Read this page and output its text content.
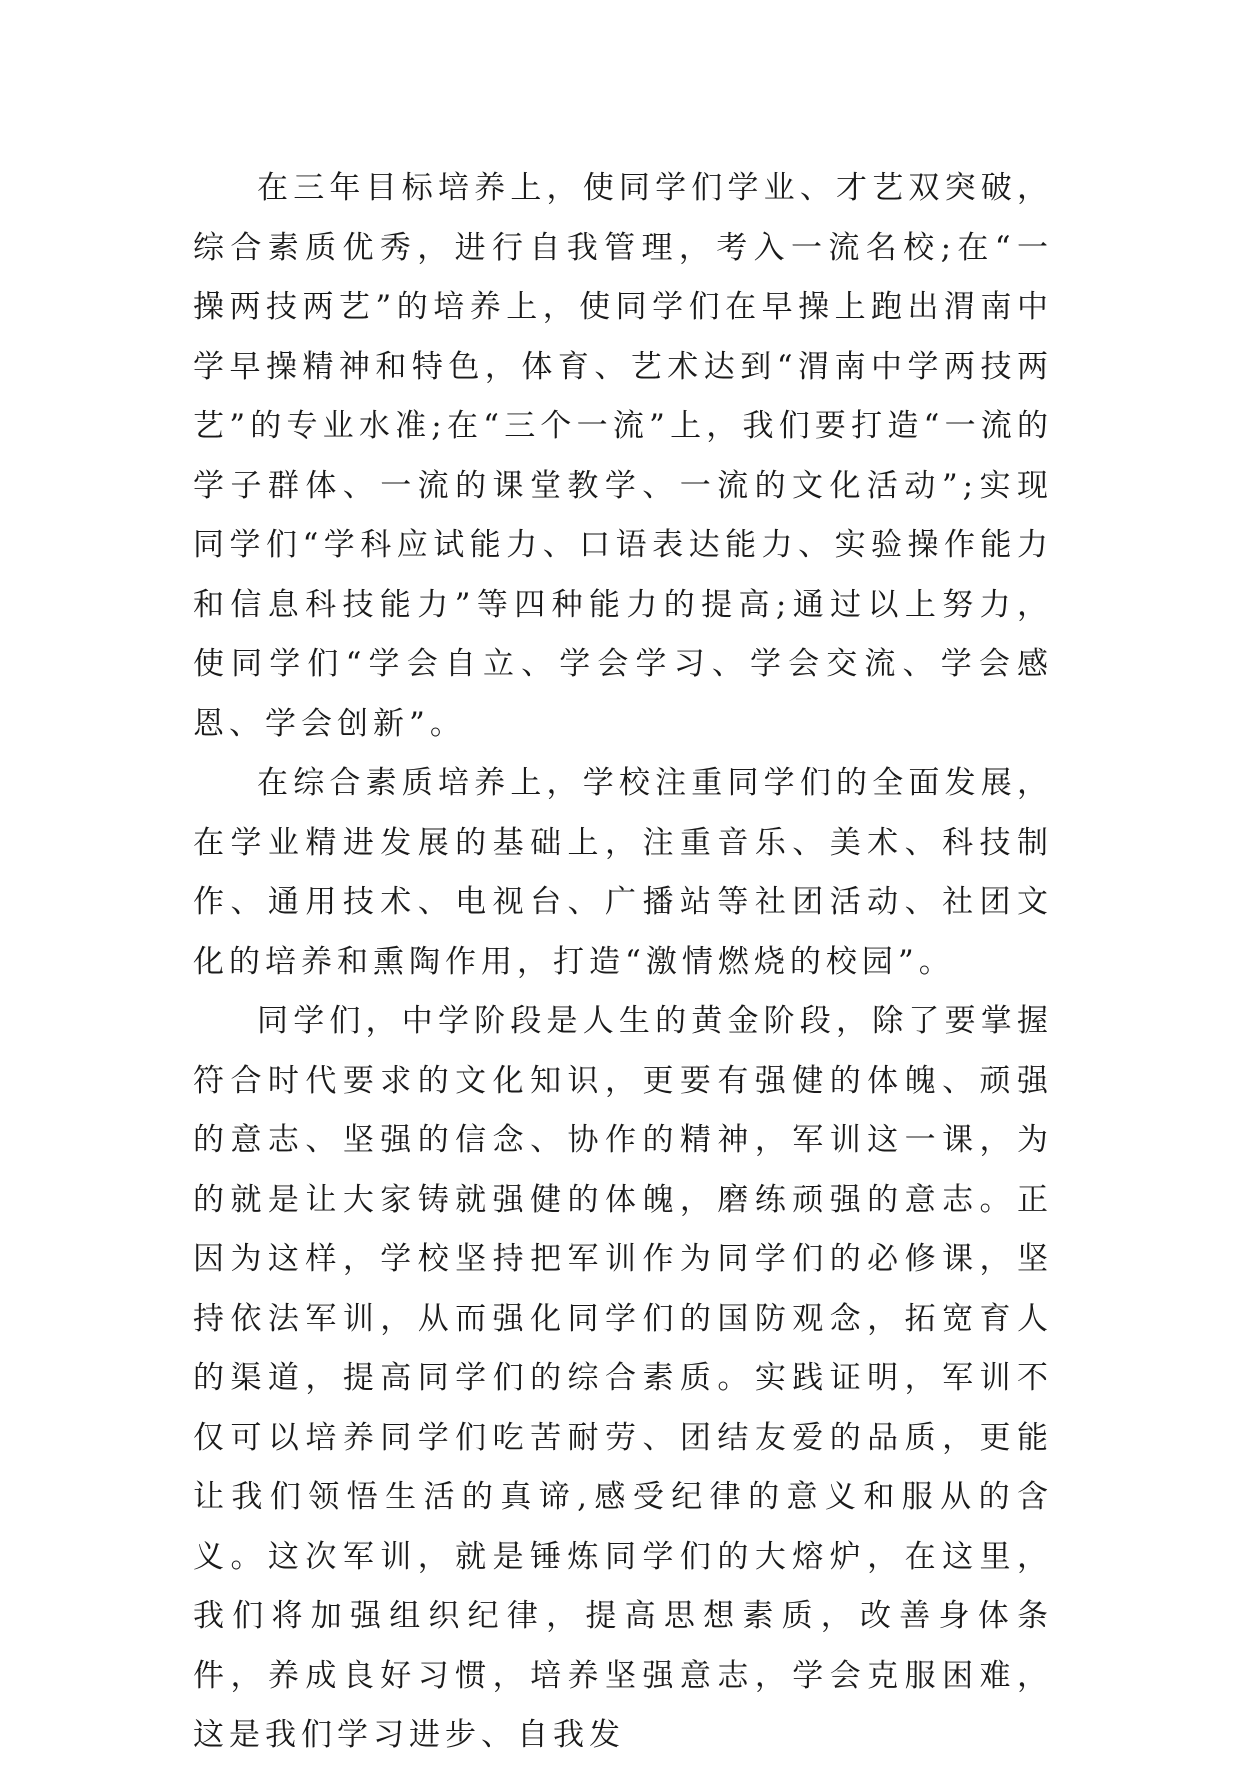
在三年目标培养上，使同学们学业、才艺双突破，综合素质优秀，进行自我管理，考入一流名校;在“一操两技两艺”的培养上，使同学们在早操上跑出渭南中学早操精神和特色，体育、艺术达到“渭南中学两技两艺”的专业水准;在“三个一流”上，我们要打造“一流的学子群体、一流的课堂教学、一流的文化活动”;实现同学们“学科应试能力、口语表达能力、实验操作能力和信息科技能力”等四种能力的提高;通过以上努力，使同学们“学会自立、学会学习、学会交流、学会感恩、学会创新”。

在综合素质培养上，学校注重同学们的全面发展，在学业精进发展的基础上，注重音乐、美术、科技制作、通用技术、电视台、广播站等社团活动、社团文化的培养和熏陶作用，打造“激情燃烧的校园”。

同学们，中学阶段是人生的黄金阶段，除了要掌握符合时代要求的文化知识，更要有强健的体魄、顽强的意志、坚强的信念、协作的精神，军训这一课，为的就是让大家铸就强健的体魄，磨练顽强的意志。正因为这样，学校坚持把军训作为同学们的必修课，坚持依法军训，从而强化同学们的国防观念，拓宽育人的渠道，提高同学们的综合素质。实践证明，军训不仅可以培养同学们吃苦耐劳、团结友爱的品质，更能让我们领悟生活的真谛,感受纪律的意义和服从的含义。这次军训，就是锤炼同学们的大熔炉，在这里，我们将加强组织纪律，提高思想素质，改善身体条件，养成良好习惯，培养坚强意志，学会克服困难，这是我们学习进步、自我发
